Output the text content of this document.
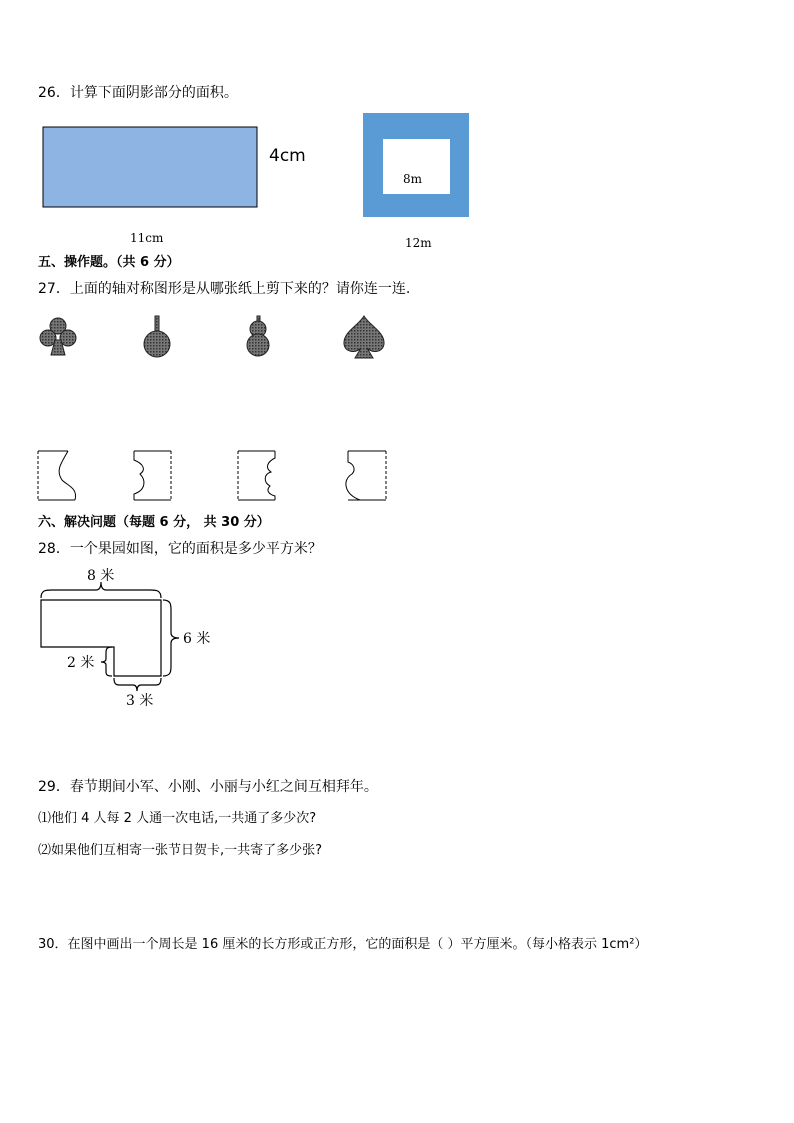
26．计算下面阴影部分的面积。
4cm
11cm
8m
12m
五、操作题。（共 6 分）
27．上面的轴对称图形是从哪张纸上剪下来的？请你连一连.
六、解决问题（每题 6 分， 共 30 分）
28．一个果园如图，它的面积是多少平方米？
8 米
6 米
2 米
3 米
29．春节期间小军、小刚、小丽与小红之间互相拜年。
⑴他们 4 人每 2 人通一次电话,一共通了多少次?
⑵如果他们互相寄一张节日贺卡,一共寄了多少张?
30．在图中画出一个周长是 16 厘米的长方形或正方形，它的面积是（ ）平方厘米。（每小格表示 1cm²）
